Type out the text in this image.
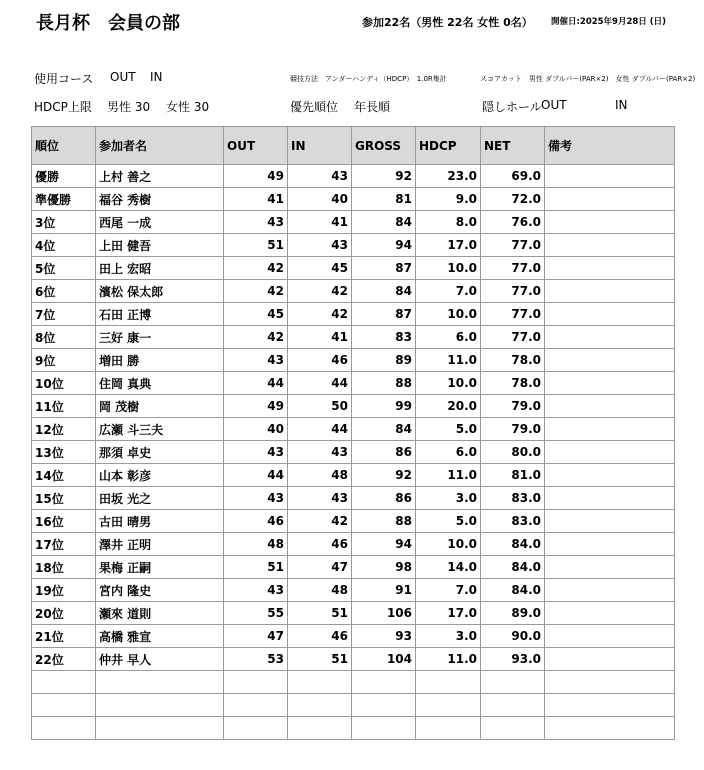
長月杯　会員の部	参加22名（男性 22名 女性 0名） 開催日:2025年9月28日 (日)
使用コース OUT IN	競技方法　アンダーハンディ（HDCP）　1.0R集計	スコアカット　男性 ダブルパー(PAR×2)　女性 ダブルパー(PAR×2)
HDCP上限 男性 30 女性 30	優先順位 年長順	隠しホール OUT	IN
順位	参加者名	OUT	IN	GROSS	HDCP	NET	備考
優勝	上村 善之	49	43	92	23.0	69.0	
準優勝	福谷 秀樹	41	40	81	9.0	72.0	
3位	西尾 一成	43	41	84	8.0	76.0	
4位	上田 健吾	51	43	94	17.0	77.0	
5位	田上 宏昭	42	45	87	10.0	77.0	
6位	濱松 保太郎	42	42	84	7.0	77.0	
7位	石田 正博	45	42	87	10.0	77.0	
8位	三好 康一	42	41	83	6.0	77.0	
9位	増田 勝	43	46	89	11.0	78.0	
10位	住岡 真典	44	44	88	10.0	78.0	
11位	岡 茂樹	49	50	99	20.0	79.0	
12位	広瀬 斗三夫	40	44	84	5.0	79.0	
13位	那須 卓史	43	43	86	6.0	80.0	
14位	山本 彰彦	44	48	92	11.0	81.0	
15位	田坂 光之	43	43	86	3.0	83.0	
16位	古田 晴男	46	42	88	5.0	83.0	
17位	澤井 正明	48	46	94	10.0	84.0	
18位	果梅 正嗣	51	47	98	14.0	84.0	
19位	宮内 隆史	43	48	91	7.0	84.0	
20位	瀬來 道則	55	51	106	17.0	89.0	
21位	高橋 雅宣	47	46	93	3.0	90.0	
22位	仲井 早人	53	51	104	11.0	93.0	
